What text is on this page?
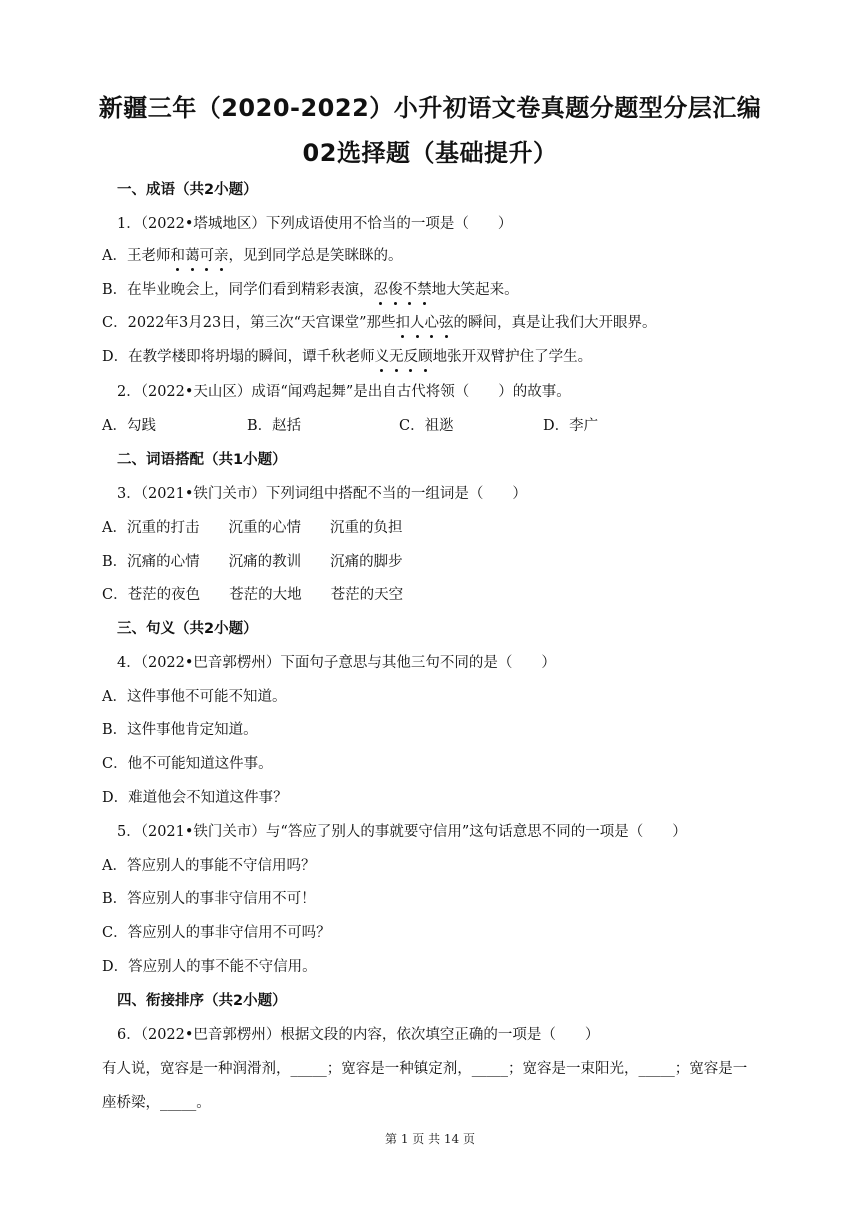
新疆三年（2020-2022）小升初语文卷真题分题型分层汇编
02选择题（基础提升）
一、成语（共2小题）
1．（2022•塔城地区）下列成语使用不恰当的一项是（　　）
A．王老师和蔼可亲，见到同学总是笑眯眯的。
B．在毕业晚会上，同学们看到精彩表演，忍俊不禁地大笑起来。
C．2022年3月23日，第三次“天宫课堂”那些扣人心弦的瞬间，真是让我们大开眼界。
D．在教学楼即将坍塌的瞬间，谭千秋老师义无反顾地张开双臂护住了学生。
2．（2022•天山区）成语“闻鸡起舞”是出自古代将领（　　）的故事。
A．勾践	B．赵括	C．祖逖	D．李广
二、词语搭配（共1小题）
3．（2021•铁门关市）下列词组中搭配不当的一组词是（　　）
A．沉重的打击　　沉重的心情　　沉重的负担
B．沉痛的心情　　沉痛的教训　　沉痛的脚步
C．苍茫的夜色　　苍茫的大地　　苍茫的天空
三、句义（共2小题）
4．（2022•巴音郭楞州）下面句子意思与其他三句不同的是（　　）
A．这件事他不可能不知道。
B．这件事他肯定知道。
C．他不可能知道这件事。
D．难道他会不知道这件事？
5．（2021•铁门关市）与“答应了别人的事就要守信用”这句话意思不同的一项是（　　）
A．答应别人的事能不守信用吗？
B．答应别人的事非守信用不可！
C．答应别人的事非守信用不可吗？
D．答应别人的事不能不守信用。
四、衔接排序（共2小题）
6．（2022•巴音郭楞州）根据文段的内容，依次填空正确的一项是（　　）
有人说，宽容是一种润滑剂，_____；宽容是一种镇定剂，_____；宽容是一束阳光，_____；宽容是一
座桥梁，_____。
第 1 页 共 14 页
